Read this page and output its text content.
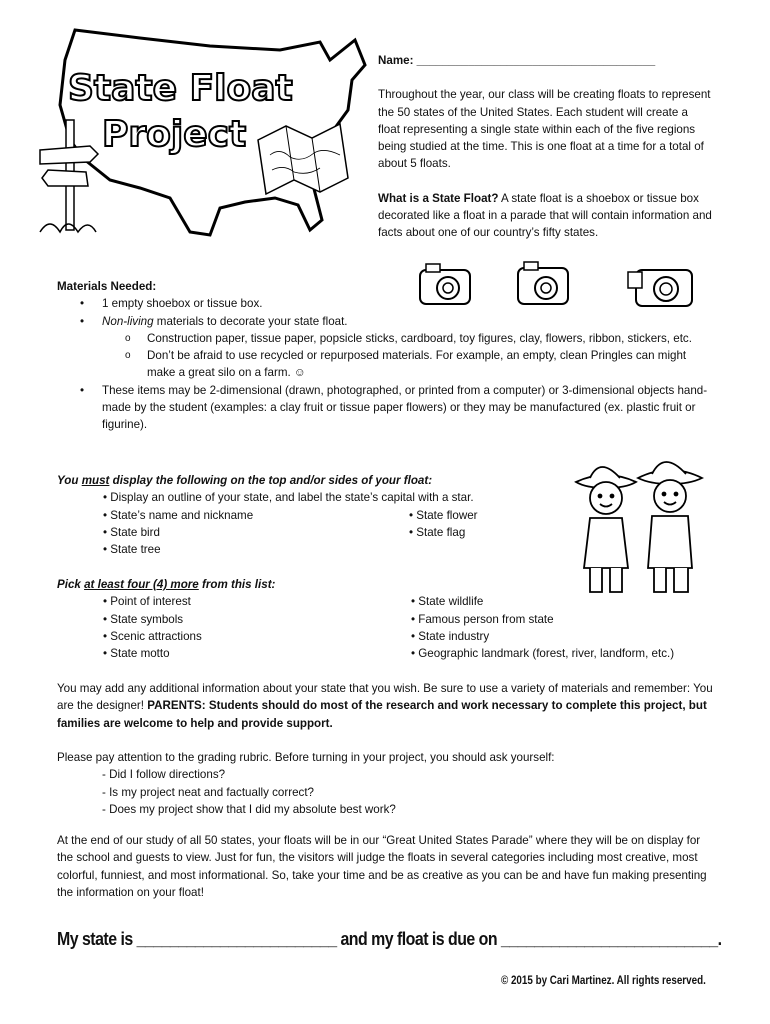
State Float
Project

Name: _____________________________________

Throughout the year, our class will be creating floats to represent the 50 states of the United States. Each student will create a float representing a single state within each of the five regions being studied at the time. This is one float at a time for a total of about 5 floats.

What is a State Float? A state float is a shoebox or tissue box decorated like a float in a parade that will contain information and facts about one of our country’s fifty states.

Materials Needed:
• 1 empty shoebox or tissue box.
• Non-living materials to decorate your state float.
o Construction paper, tissue paper, popsicle sticks, cardboard, toy figures, clay, flowers, ribbon, stickers, etc.
o Don’t be afraid to use recycled or repurposed materials. For example, an empty, clean Pringles can might make a great silo on a farm. ☺
• These items may be 2-dimensional (drawn, photographed, or printed from a computer) or 3-dimensional objects hand-made by the student (examples: a clay fruit or tissue paper flowers) or they may be manufactured (ex. plastic fruit or figurine).
You must display the following on the top and/or sides of your float:
• Display an outline of your state, and label the state’s capital with a star.
• State’s name and nickname
• State bird
• State tree
• State flower
• State flag
Pick at least four (4) more from this list:
• Point of interest
• State symbols
• Scenic attractions
• State motto
• State wildlife
• Famous person from state
• State industry
• Geographic landmark (forest, river, landform, etc.)

You may add any additional information about your state that you wish. Be sure to use a variety of materials and remember: You are the designer! PARENTS: Students should do most of the research and work necessary to complete this project, but families are welcome to help and provide support.

Please pay attention to the grading rubric. Before turning in your project, you should ask yourself:

- Did I follow directions?

- Is my project neat and factually correct?

- Does my project show that I did my absolute best work?

At the end of our study of all 50 states, your floats will be in our “Great United States Parade” where they will be on display for the school and guests to view. Just for fun, the visitors will judge the floats in several categories including most creative, most colorful, funniest, and most informational. So, take your time and be as creative as you can be and have fun making presenting the information on your float!

My state is ________________________ and my float is due on __________________________.
© 2015 by Cari Martinez. All rights reserved.
